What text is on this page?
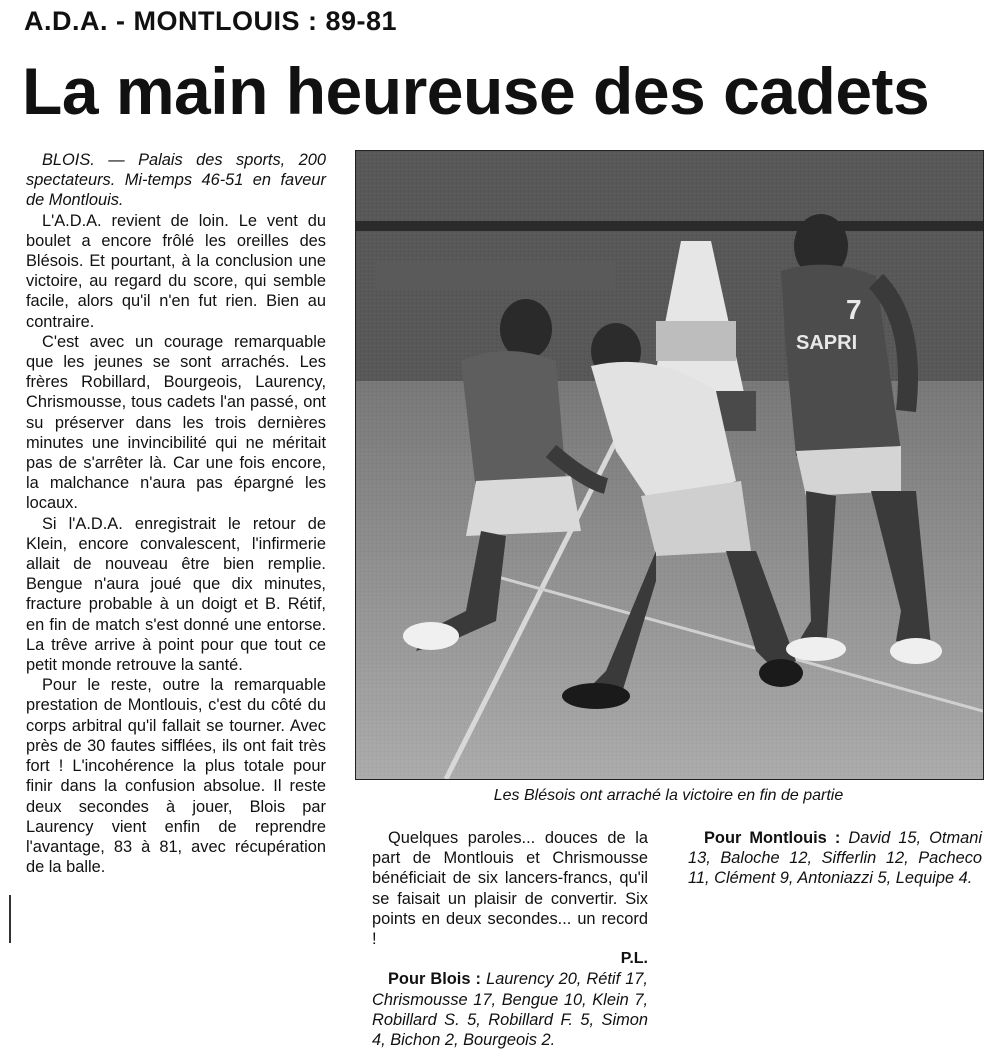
A.D.A. - MONTLOUIS : 89-81
La main heureuse des cadets

BLOIS. — Palais des sports, 200 spectateurs. Mi-temps 46-51 en faveur de Montlouis.

L'A.D.A. revient de loin. Le vent du boulet a encore frôlé les oreilles des Blésois. Et pourtant, à la conclusion une victoire, au regard du score, qui semble facile, alors qu'il n'en fut rien. Bien au contraire.

C'est avec un courage remarquable que les jeunes se sont arrachés. Les frères Robillard, Bourgeois, Laurency, Chrismousse, tous cadets l'an passé, ont su préserver dans les trois dernières minutes une invincibilité qui ne méritait pas de s'arrêter là. Car une fois encore, la malchance n'aura pas épargné les locaux.

Si l'A.D.A. enregistrait le retour de Klein, encore convalescent, l'infirmerie allait de nouveau être bien remplie. Bengue n'aura joué que dix minutes, fracture probable à un doigt et B. Rétif, en fin de match s'est donné une entorse. La trêve arrive à point pour que tout ce petit monde retrouve la santé.

Pour le reste, outre la remarquable prestation de Montlouis, c'est du côté du corps arbitral qu'il fallait se tourner. Avec près de 30 fautes sifflées, ils ont fait très fort ! L'incohérence la plus totale pour finir dans la confusion absolue. Il reste deux secondes à jouer, Blois par Laurency vient enfin de reprendre l'avantage, 83 à 81, avec récupération de la balle.

SAPRI
7
Les Blésois ont arraché la victoire en fin de partie

Quelques paroles... douces de la part de Montlouis et Chrismousse bénéficiait de six lancers-francs, qu'il se faisait un plaisir de convertir. Six points en deux secondes... un record !

P.L.

Pour Blois : Laurency 20, Rétif 17, Chrismousse 17, Bengue 10, Klein 7, Robillard S. 5, Robillard F. 5, Simon 4, Bichon 2, Bourgeois 2.

Pour Montlouis : David 15, Otmani 13, Baloche 12, Sifferlin 12, Pacheco 11, Clément 9, Antoniazzi 5, Lequipe 4.
